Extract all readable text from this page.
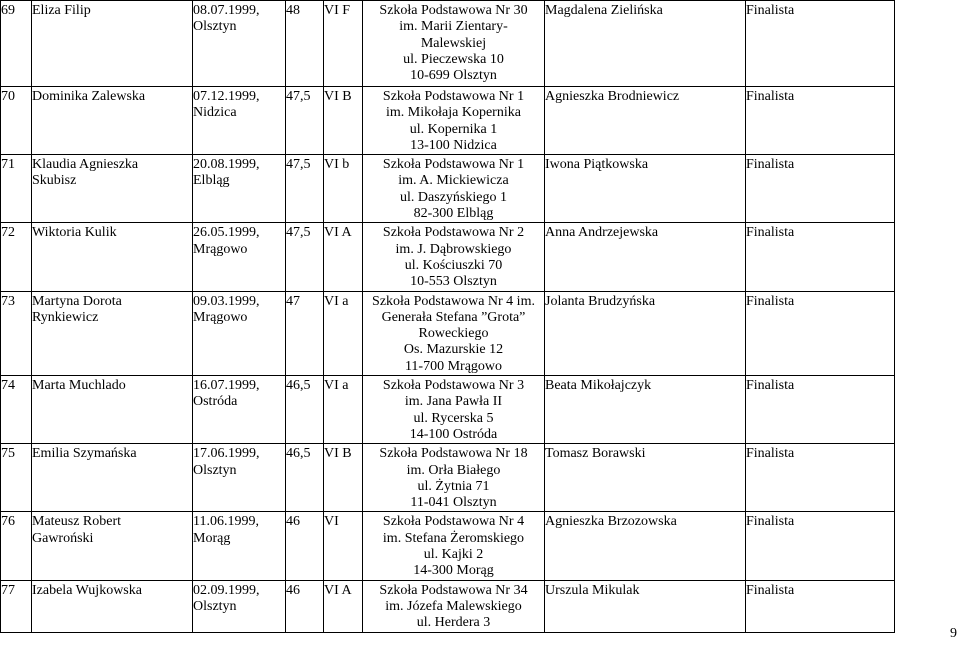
69	Eliza Filip	08.07.1999,
Olsztyn	48	VI F	Szkoła Podstawowa Nr 30
im. Marii Zientary-
Malewskiej
ul. Pieczewska 10
10-699 Olsztyn	Magdalena Zielińska	Finalista
70	Dominika Zalewska	07.12.1999,
Nidzica	47,5	VI B	Szkoła Podstawowa Nr 1
im. Mikołaja Kopernika
ul. Kopernika 1
13-100 Nidzica	Agnieszka Brodniewicz	Finalista
71	Klaudia Agnieszka
Skubisz	20.08.1999,
Elbląg	47,5	VI b	Szkoła Podstawowa Nr 1
im. A. Mickiewicza
ul. Daszyńskiego 1
82-300 Elbląg	Iwona Piątkowska	Finalista
72	Wiktoria Kulik	26.05.1999,
Mrągowo	47,5	VI A	Szkoła Podstawowa Nr 2
im. J. Dąbrowskiego
ul. Kościuszki 70
10-553 Olsztyn	Anna Andrzejewska	Finalista
73	Martyna Dorota
Rynkiewicz	09.03.1999,
Mrągowo	47	VI a	Szkoła Podstawowa Nr 4 im.
Generała Stefana ”Grota”
Roweckiego
Os. Mazurskie 12
11-700 Mrągowo	Jolanta Brudzyńska	Finalista
74	Marta Muchlado	16.07.1999,
Ostróda	46,5	VI a	Szkoła Podstawowa Nr 3
im. Jana Pawła II
ul. Rycerska 5
14-100 Ostróda	Beata Mikołajczyk	Finalista
75	Emilia Szymańska	17.06.1999,
Olsztyn	46,5	VI B	Szkoła Podstawowa Nr 18
im. Orła Białego
ul. Żytnia 71
11-041 Olsztyn	Tomasz Borawski	Finalista
76	Mateusz Robert
Gawroński	11.06.1999,
Morąg	46	VI	Szkoła Podstawowa Nr 4
im. Stefana Żeromskiego
ul. Kajki 2
14-300 Morąg	Agnieszka Brzozowska	Finalista
77	Izabela Wujkowska	02.09.1999,
Olsztyn	46	VI A	Szkoła Podstawowa Nr 34
im. Józefa Malewskiego
ul. Herdera 3	Urszula Mikulak	Finalista
9
